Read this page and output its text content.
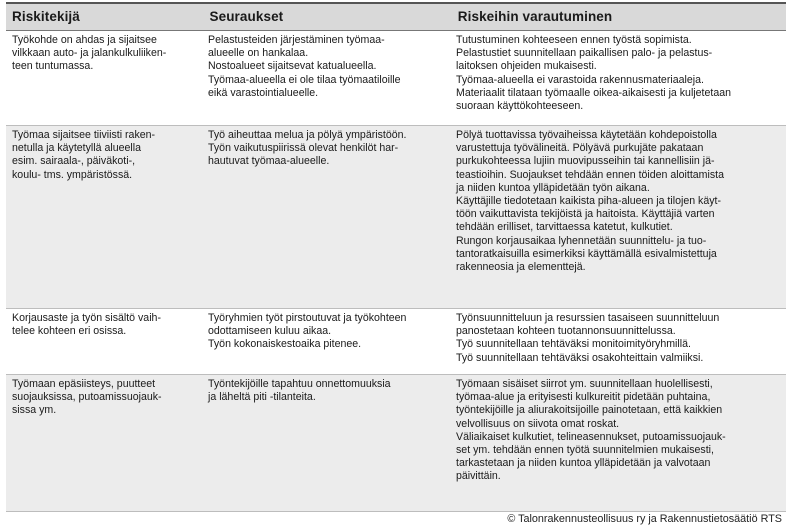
Riskitekijä	Seuraukset	Riskeihin varautuminen
Työkohde on ahdas ja sijaitsee
vilkkaan auto- ja jalankulkuliiken-
teen tuntumassa.
Pelastusteiden järjestäminen työmaa-
alueelle on hankalaa.
Nostoalueet sijaitsevat katualueella.
Työmaa-alueella ei ole tilaa työmaatiloille
eikä varastointialueelle.
Tutustuminen kohteeseen ennen työstä sopimista.
Pelastustiet suunnitellaan paikallisen palo- ja pelastus-
laitoksen ohjeiden mukaisesti.
Työmaa-alueella ei varastoida rakennusmateriaaleja.
Materiaalit tilataan työmaalle oikea-aikaisesti ja kuljetetaan
suoraan käyttökohteeseen.
Työmaa sijaitsee tiiviisti raken-
netulla ja käytetyllä alueella
esim. sairaala-, päiväkoti-,
koulu- tms. ympäristössä.
Työ aiheuttaa melua ja pölyä ympäristöön.
Työn vaikutuspiirissä olevat henkilöt har-
hautuvat työmaa-alueelle.
Pölyä tuottavissa työvaiheissa käytetään kohdepoistolla
varustettuja työvälineitä. Pölyävä purkujäte pakataan
purkukohteessa lujiin muovipusseihin tai kannellisiin jä-
teastioihin. Suojaukset tehdään ennen töiden aloittamista
ja niiden kuntoa ylläpidetään työn aikana.
Käyttäjille tiedotetaan kaikista piha-alueen ja tilojen käyt-
töön vaikuttavista tekijöistä ja haitoista. Käyttäjiä varten
tehdään erilliset, tarvittaessa katetut, kulkutiet.
Rungon korjausaikaa lyhennetään suunnittelu- ja tuo-
tantoratkaisuilla esimerkiksi käyttämällä esivalmistettuja
rakenneosia ja elementtejä.
Korjausaste ja työn sisältö vaih-
telee kohteen eri osissa.
Työryhmien työt pirstoutuvat ja työkohteen
odottamiseen kuluu aikaa.
Työn kokonaiskestoaika pitenee.
Työnsuunnitteluun ja resurssien tasaiseen suunnitteluun
panostetaan kohteen tuotannonsuunnittelussa.
Työ suunnitellaan tehtäväksi monitoimityöryhmillä.
Työ suunnitellaan tehtäväksi osakohteittain valmiiksi.
Työmaan epäsiisteys, puutteet
suojauksissa, putoamissuojauk-
sissa ym.
Työntekijöille tapahtuu onnettomuuksia
ja läheltä piti -tilanteita.
Työmaan sisäiset siirrot ym. suunnitellaan huolellisesti,
työmaa-alue ja erityisesti kulkureitit pidetään puhtaina,
työntekijöille ja aliurakoitsijoille painotetaan, että kaikkien
velvollisuus on siivota omat roskat.
Väliaikaiset kulkutiet, telineasennukset, putoamissuojauk-
set ym. tehdään ennen työtä suunnitelmien mukaisesti,
tarkastetaan ja niiden kuntoa ylläpidetään ja valvotaan
päivittäin.
© Talonrakennusteollisuus ry ja Rakennustietosäätiö RTS
